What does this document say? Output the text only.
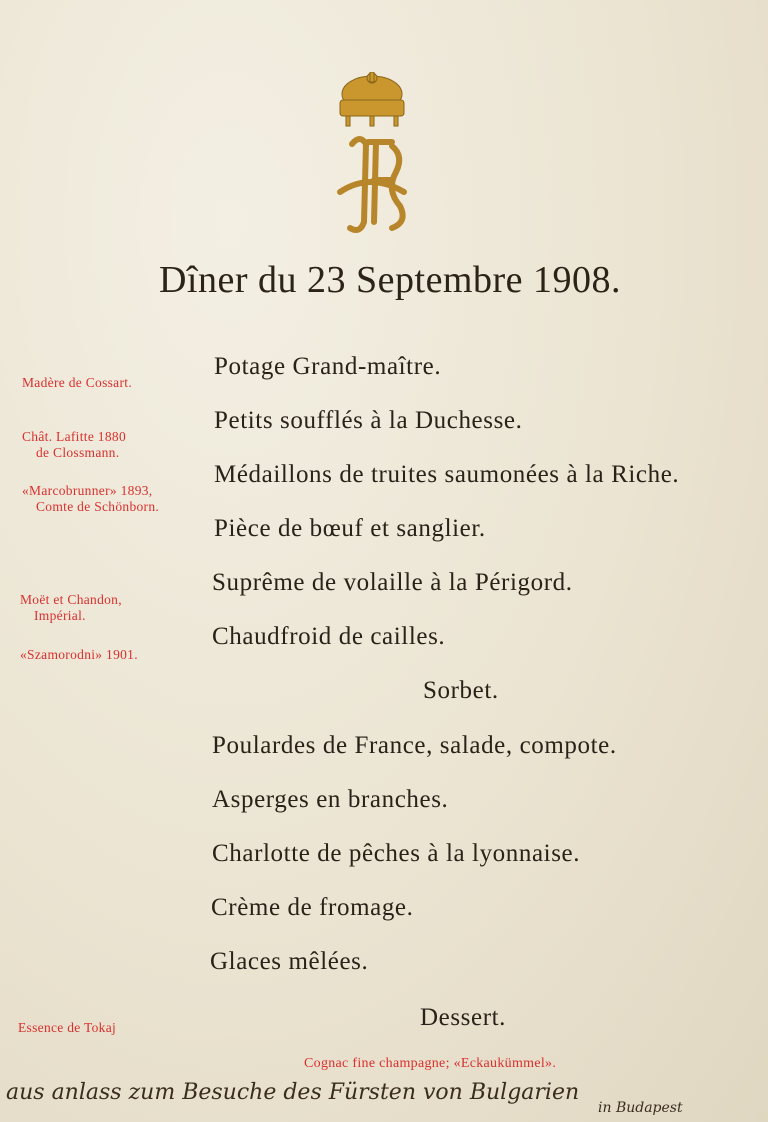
Dîner du 23 Septembre 1908.
Potage Grand-maître.
Petits soufflés à la Duchesse.
Médaillons de truites saumonées à la Riche.
Pièce de bœuf et sanglier.
Suprême de volaille à la Périgord.
Chaudfroid de cailles.
Sorbet.
Poulardes de France, salade, compote.
Asperges en branches.
Charlotte de pêches à la lyonnaise.
Crème de fromage.
Glaces mêlées.
Dessert.
Madère de Cossart.
Chât. Lafitte 1880
de Clossmann.
«Marcobrunner» 1893,
Comte de Schönborn.
Moët et Chandon,
Impérial.
«Szamorodni» 1901.
Essence de Tokaj
Cognac fine champagne; «Eckaukümmel».
aus anlass zum Besuche des Fürsten von Bulgarien
in Budapest
